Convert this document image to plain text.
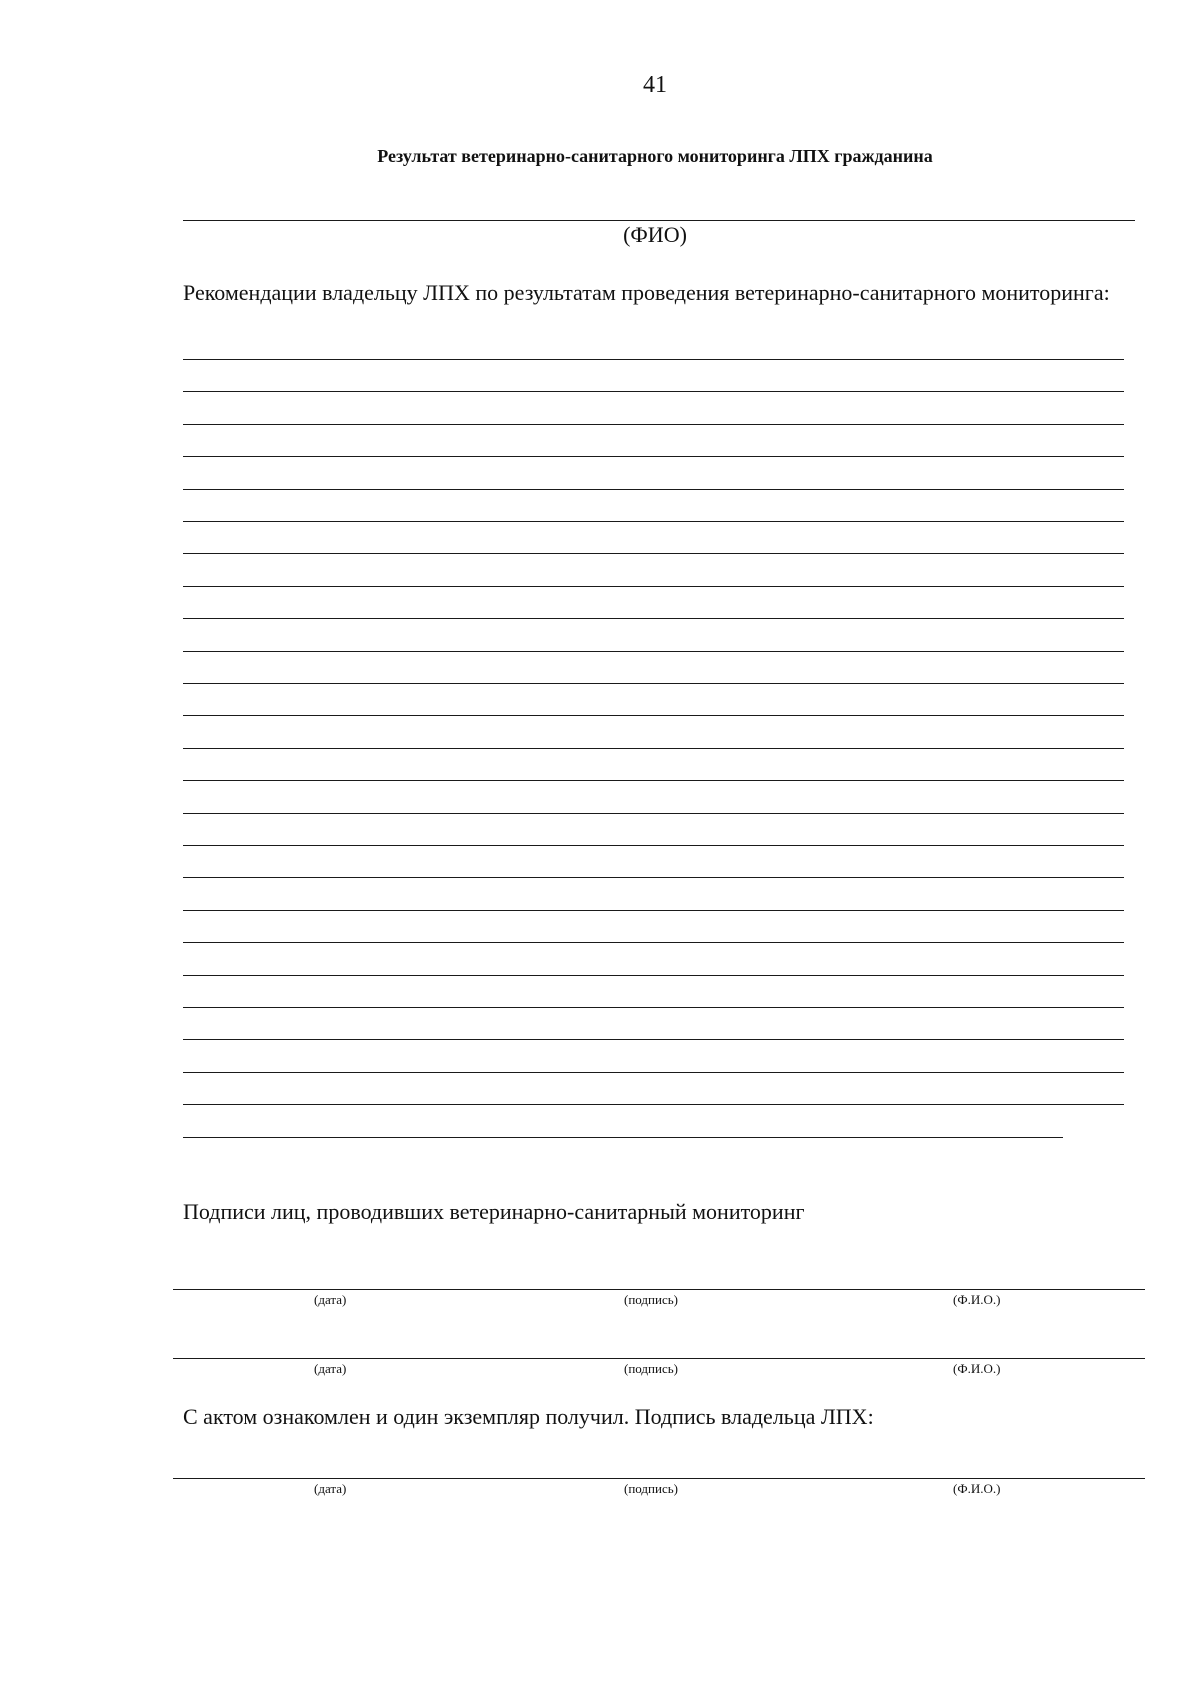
41
Результат ветеринарно-санитарного мониторинга ЛПХ гражданина
(ФИО)
Рекомендации владельцу ЛПХ по результатам проведения ветеринарно-санитарного мониторинга:
Подписи лиц, проводивших ветеринарно-санитарный мониторинг
(дата)	(подпись)	(Ф.И.О.)
(дата)	(подпись)	(Ф.И.О.)
С актом ознакомлен и один экземпляр получил. Подпись владельца ЛПХ:
(дата)	(подпись)	(Ф.И.О.)
